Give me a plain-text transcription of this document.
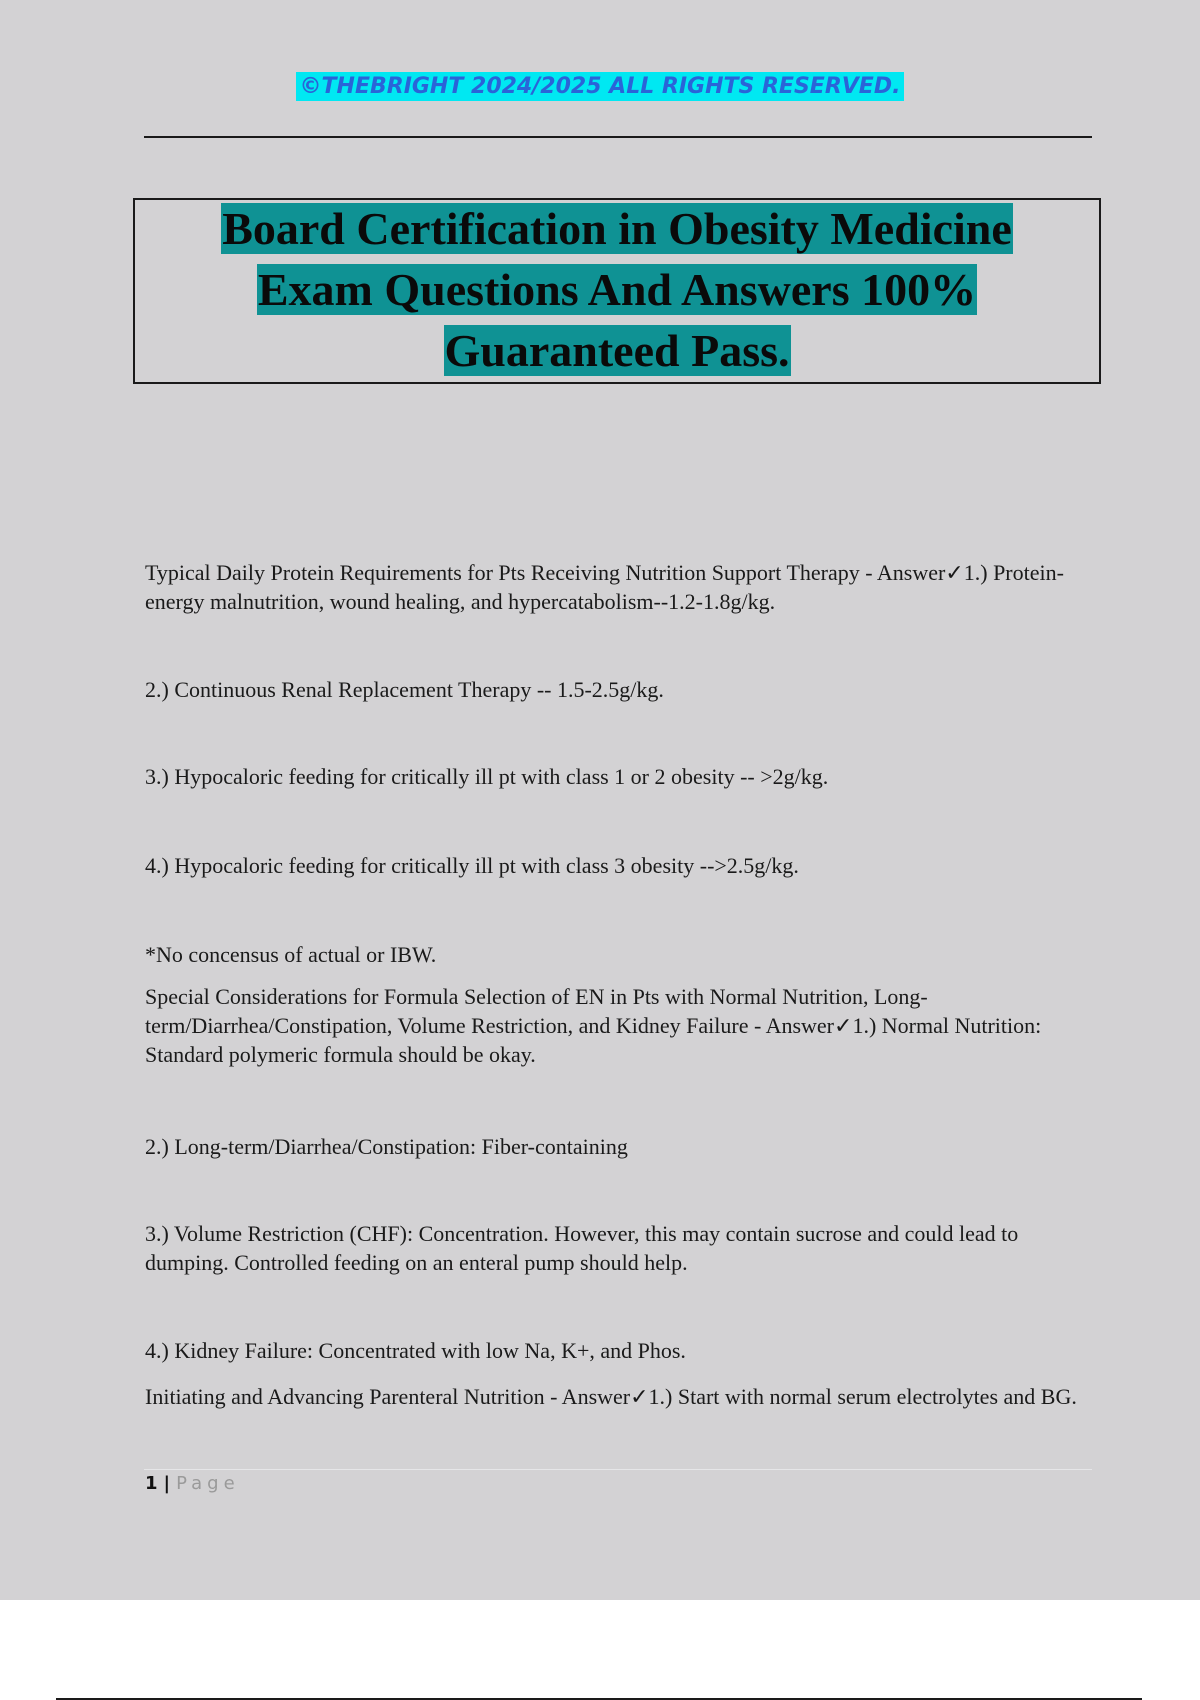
©THEBRIGHT 2024/2025 ALL RIGHTS RESERVED.
Board Certification in Obesity Medicine
Exam Questions And Answers 100%
Guaranteed Pass.
Typical Daily Protein Requirements for Pts Receiving Nutrition Support Therapy - Answer✓1.) Protein-energy malnutrition, wound healing, and hypercatabolism--1.2-1.8g/kg.
2.) Continuous Renal Replacement Therapy -- 1.5-2.5g/kg.
3.) Hypocaloric feeding for critically ill pt with class 1 or 2 obesity -- >2g/kg.
4.) Hypocaloric feeding for critically ill pt with class 3 obesity -->2.5g/kg.
*No concensus of actual or IBW.
Special Considerations for Formula Selection of EN in Pts with Normal Nutrition, Long-term/Diarrhea/Constipation, Volume Restriction, and Kidney Failure - Answer✓1.) Normal Nutrition: Standard polymeric formula should be okay.
2.) Long-term/Diarrhea/Constipation: Fiber-containing
3.) Volume Restriction (CHF): Concentration. However, this may contain sucrose and could lead to dumping. Controlled feeding on an enteral pump should help.
4.) Kidney Failure: Concentrated with low Na, K+, and Phos.
Initiating and Advancing Parenteral Nutrition - Answer✓1.) Start with normal serum electrolytes and BG.
1 | Page
